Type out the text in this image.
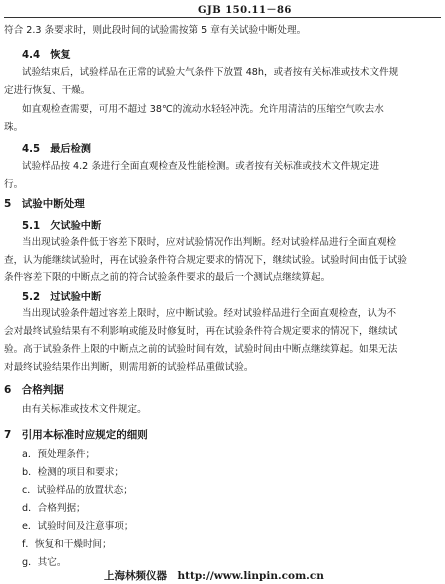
GJB 150.11－86
符合 2.3 条要求时，则此段时间的试验需按第 5 章有关试验中断处理。
4.4　恢复
试验结束后，试验样品在正常的试验大气条件下放置 48h，或者按有关标准或技术文件规
定进行恢复、干燥。
如直观检查需要，可用不超过 38℃的流动水轻轻冲洗。允许用清洁的压缩空气吹去水
珠。
4.5　最后检测
试验样品按 4.2 条进行全面直观检查及性能检测。或者按有关标准或技术文件规定进
行。
5　试验中断处理
5.1　欠试验中断
当出现试验条件低于容差下限时，应对试验情况作出判断。经对试验样品进行全面直观检
查，认为能继续试验时，再在试验条件符合规定要求的情况下，继续试验。试验时间由低于试验
条件容差下限的中断点之前的符合试验条件要求的最后一个测试点继续算起。
5.2　过试验中断
当出现试验条件超过容差上限时，应中断试验。经对试验样品进行全面直观检查，认为不
会对最终试验结果有不利影响或能及时修复时，再在试验条件符合规定要求的情况下，继续试
验。高于试验条件上限的中断点之前的试验时间有效，试验时间由中断点继续算起。如果无法
对最终试验结果作出判断，则需用新的试验样品重做试验。
6　合格判据
由有关标准或技术文件规定。
7　引用本标准时应规定的细则
a．预处理条件；
b．检测的项目和要求；
c．试验样品的放置状态；
d．合格判据；
e．试验时间及注意事项；
f．恢复和干燥时间；
g．其它。
上海林频仪器　http://www.linpin.com.cn
